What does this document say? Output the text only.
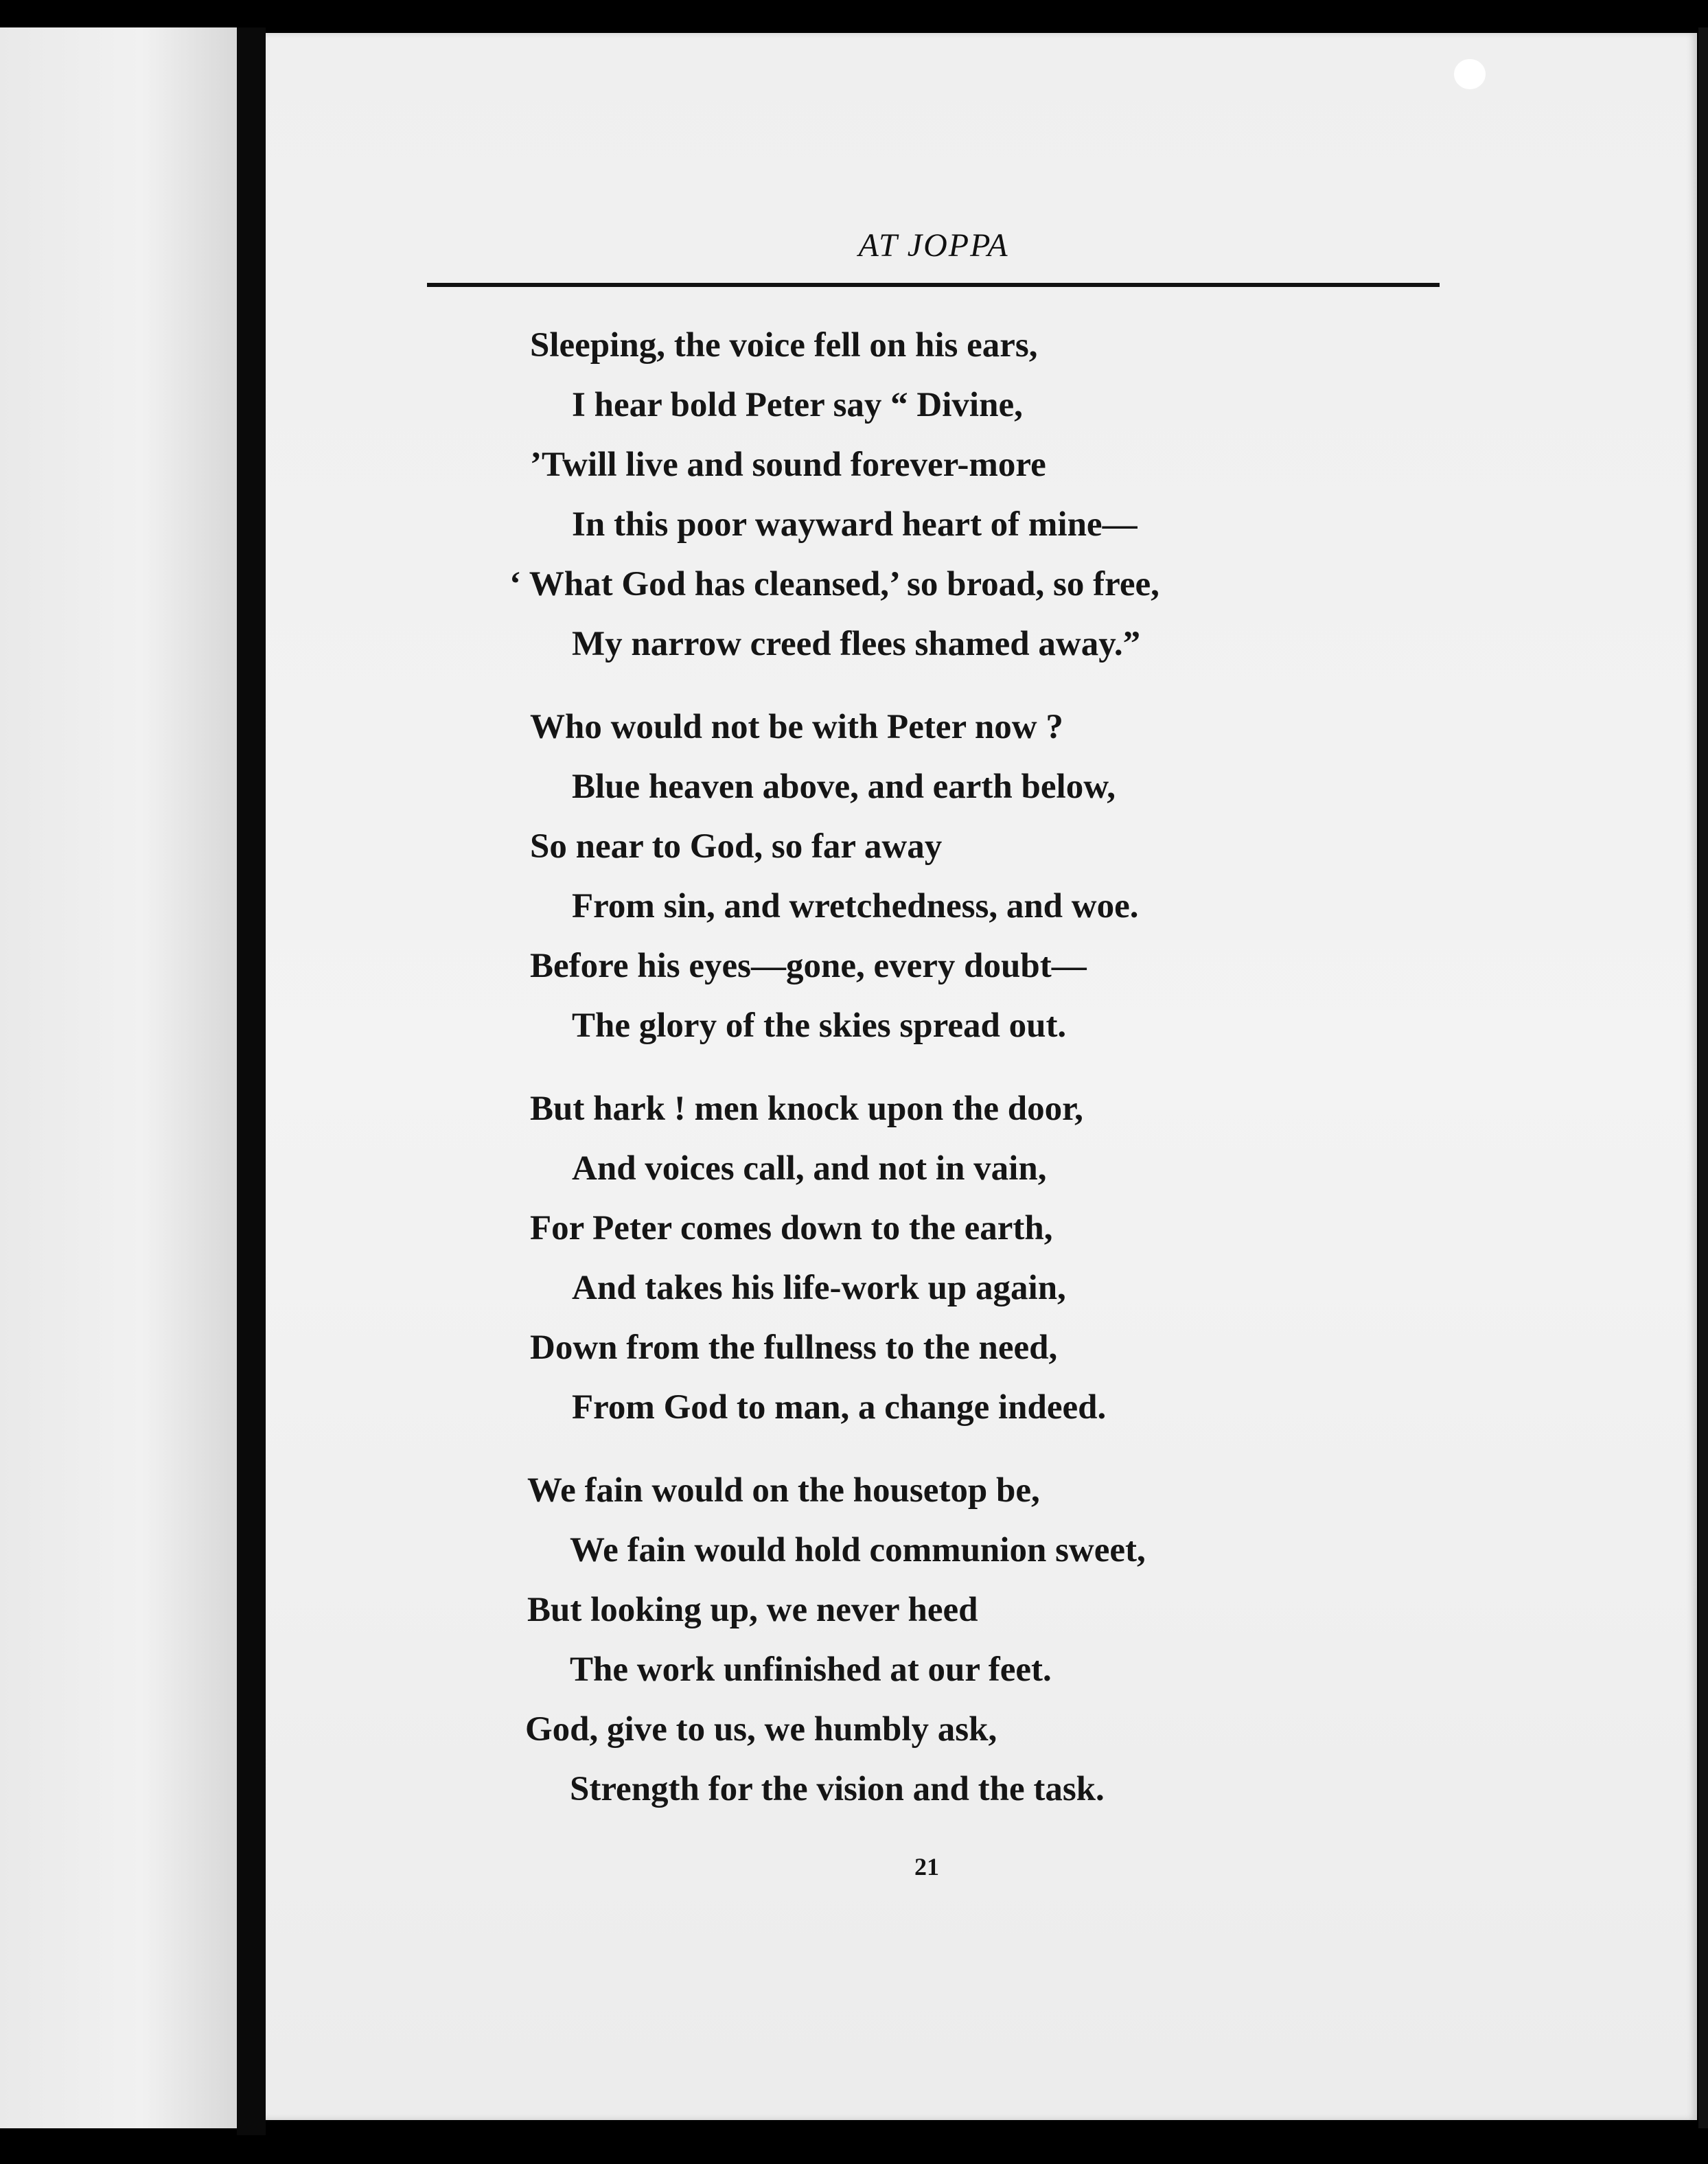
AT JOPPA
Sleeping, the voice fell on his ears,
I hear bold Peter say “ Divine,
’Twill live and sound forever-more
In this poor wayward heart of mine—
‘ What God has cleansed,’ so broad, so free,
My narrow creed flees shamed away.”
Who would not be with Peter now ?
Blue heaven above, and earth below,
So near to God, so far away
From sin, and wretchedness, and woe.
Before his eyes—gone, every doubt—
The glory of the skies spread out.
But hark ! men knock upon the door,
And voices call, and not in vain,
For Peter comes down to the earth,
And takes his life-work up again,
Down from the fullness to the need,
From God to man, a change indeed.
We fain would on the housetop be,
We fain would hold communion sweet,
But looking up, we never heed
The work unfinished at our feet.
God, give to us, we humbly ask,
Strength for the vision and the task.
21
